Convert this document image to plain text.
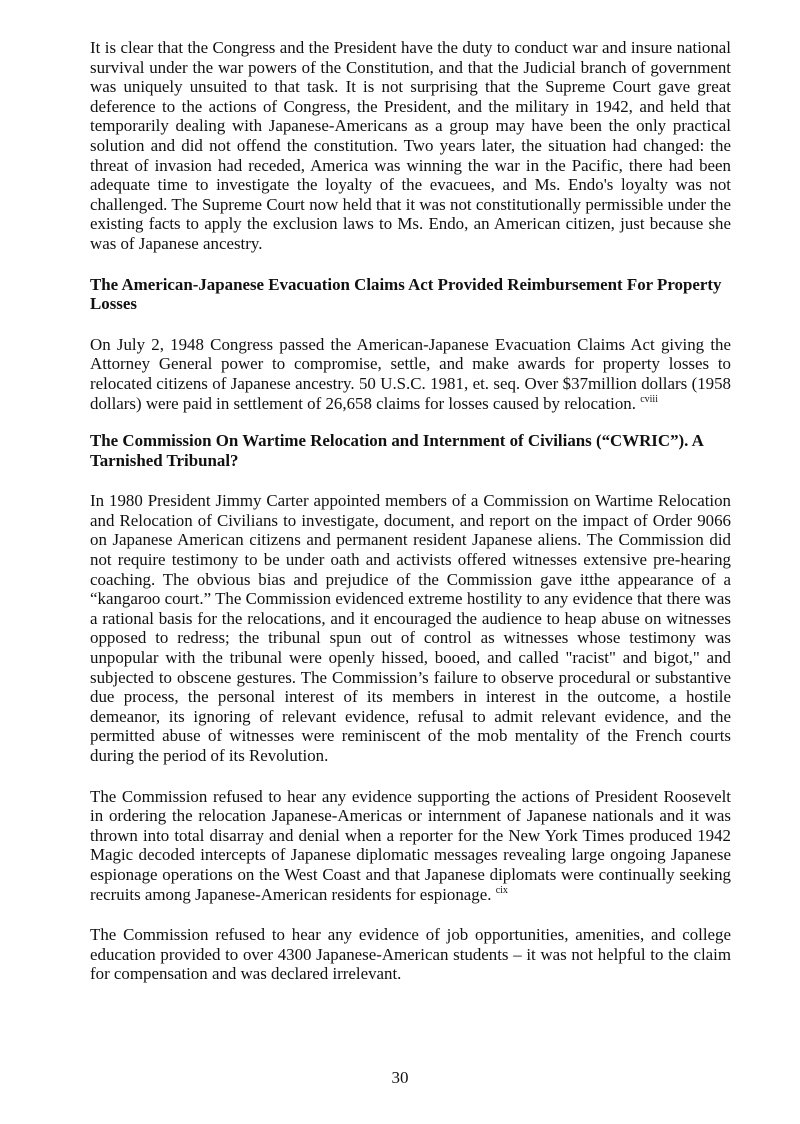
It is clear that the Congress and the President have the duty to conduct war and insure national survival under the war powers of the Constitution, and that the Judicial branch of government was uniquely unsuited to that task. It is not surprising that the Supreme Court gave great deference to the actions of Congress, the President, and the military in 1942, and held that temporarily dealing with Japanese-Americans as a group may have been the only practical solution and did not offend the constitution. Two years later, the situation had changed: the threat of invasion had receded, America was winning the war in the Pacific, there had been adequate time to investigate the loyalty of the evacuees, and Ms. Endo's loyalty was not challenged. The Supreme Court now held that it was not constitutionally permissible under the existing facts to apply the exclusion laws to Ms. Endo, an American citizen, just because she was of Japanese ancestry.

The American-Japanese Evacuation Claims Act Provided Reimbursement For Property Losses

On July 2, 1948 Congress passed the American-Japanese Evacuation Claims Act giving the Attorney General power to compromise, settle, and make awards for property losses to relocated citizens of Japanese ancestry. 50 U.S.C. 1981, et. seq. Over $37million dollars (1958 dollars) were paid in settlement of 26,658 claims for losses caused by relocation. $^{cviii}$

The Commission On Wartime Relocation and Internment of Civilians (“CWRIC”). A Tarnished Tribunal?

In 1980 President Jimmy Carter appointed members of a Commission on Wartime Relocation and Relocation of Civilians to investigate, document, and report on the impact of Order 9066 on Japanese American citizens and permanent resident Japanese aliens. The Commission did not require testimony to be under oath and activists offered witnesses extensive pre-hearing coaching. The obvious bias and prejudice of the Commission gave itthe appearance of a “kangaroo court.” The Commission evidenced extreme hostility to any evidence that there was a rational basis for the relocations, and it encouraged the audience to heap abuse on witnesses opposed to redress; the tribunal spun out of control as witnesses whose testimony was unpopular with the tribunal were openly hissed, booed, and called "racist" and bigot," and subjected to obscene gestures. The Commission’s failure to observe procedural or substantive due process, the personal interest of its members in interest in the outcome, a hostile demeanor, its ignoring of relevant evidence, refusal to admit relevant evidence, and the permitted abuse of witnesses were reminiscent of the mob mentality of the French courts during the period of its Revolution.

The Commission refused to hear any evidence supporting the actions of President Roosevelt in ordering the relocation Japanese-Americas or internment of Japanese nationals and it was thrown into total disarray and denial when a reporter for the New York Times produced 1942 Magic decoded intercepts of Japanese diplomatic messages revealing large ongoing Japanese espionage operations on the West Coast and that Japanese diplomats were continually seeking recruits among Japanese-American residents for espionage. $^{cix}$

The Commission refused to hear any evidence of job opportunities, amenities, and college education provided to over 4300 Japanese-American students – it was not helpful to the claim for compensation and was declared irrelevant.

30
